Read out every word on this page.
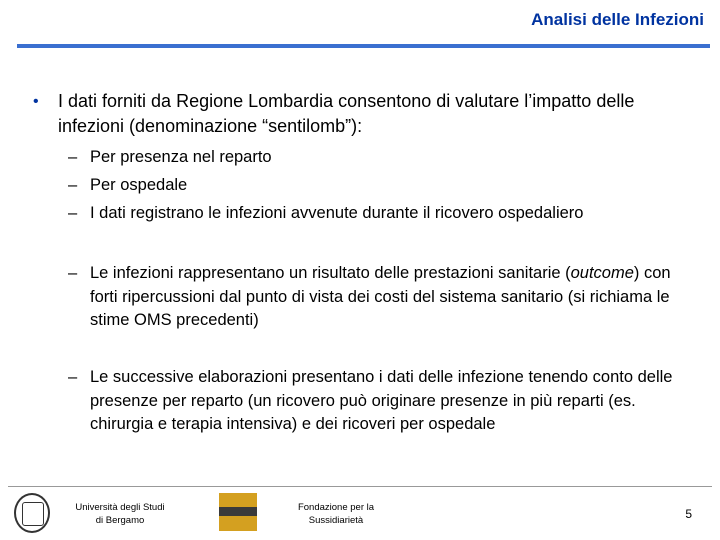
Analisi delle Infezioni
• I dati forniti da Regione Lombardia consentono di valutare l’impatto delle infezioni (denominazione “sentilomb”):
– Per presenza nel reparto
– Per ospedale
– I dati registrano le infezioni avvenute durante il ricovero ospedaliero
– Le infezioni rappresentano un risultato delle prestazioni sanitarie (outcome) con forti ripercussioni dal punto di vista dei costi del sistema sanitario (si richiama le stime OMS precedenti)
– Le successive elaborazioni presentano i dati delle infezione tenendo conto delle presenze per reparto (un ricovero può originare presenze in più reparti (es. chirurgia e terapia intensiva) e dei ricoveri per ospedale
Università degli Studi di Bergamo
Fondazione per la Sussidiarietà	5
